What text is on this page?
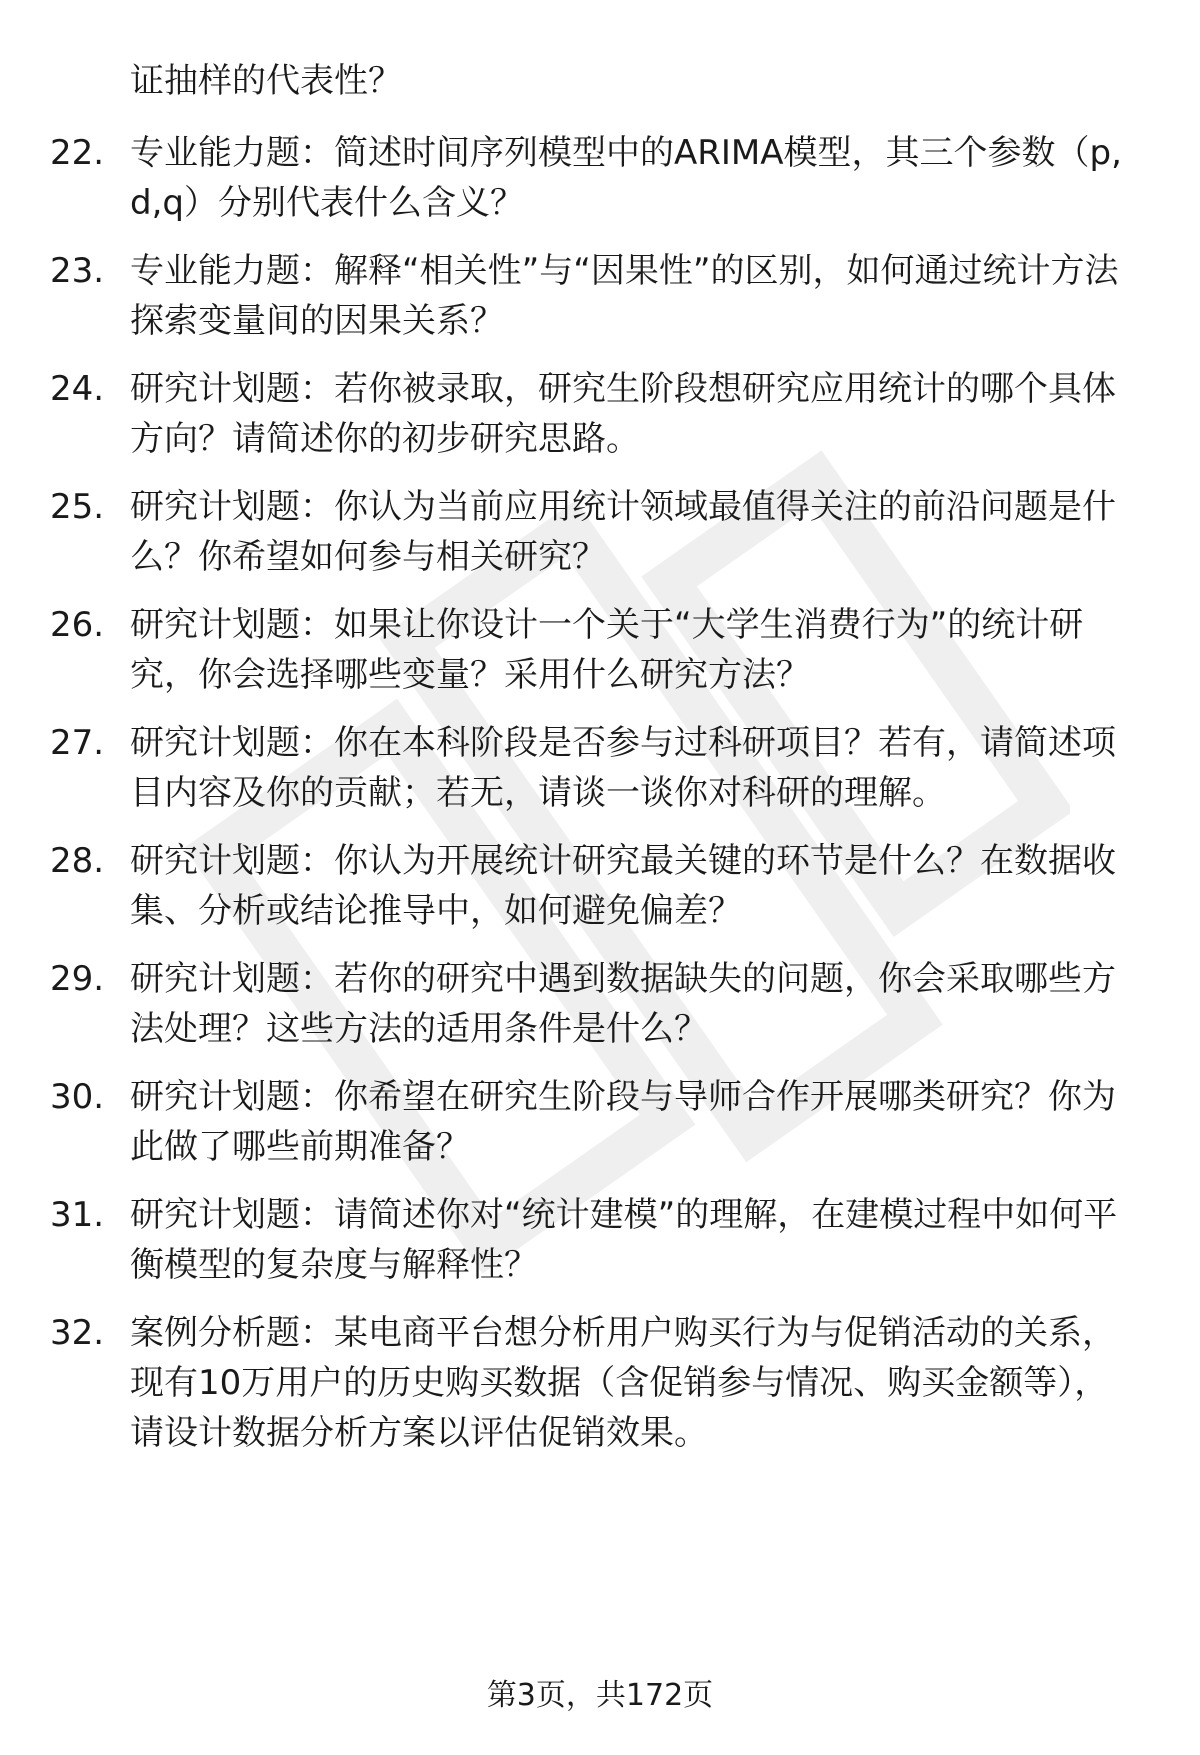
证抽样的代表性？

22. 专业能力题：简述时间序列模型中的ARIMA模型，其三个参数（p,d,q）分别代表什么含义？

23. 专业能力题：解释“相关性”与“因果性”的区别，如何通过统计方法探索变量间的因果关系？

24. 研究计划题：若你被录取，研究生阶段想研究应用统计的哪个具体方向？请简述你的初步研究思路。

25. 研究计划题：你认为当前应用统计领域最值得关注的前沿问题是什么？你希望如何参与相关研究？

26. 研究计划题：如果让你设计一个关于“大学生消费行为”的统计研究，你会选择哪些变量？采用什么研究方法？

27. 研究计划题：你在本科阶段是否参与过科研项目？若有，请简述项目内容及你的贡献；若无，请谈一谈你对科研的理解。

28. 研究计划题：你认为开展统计研究最关键的环节是什么？在数据收集、分析或结论推导中，如何避免偏差？

29. 研究计划题：若你的研究中遇到数据缺失的问题，你会采取哪些方法处理？这些方法的适用条件是什么？

30. 研究计划题：你希望在研究生阶段与导师合作开展哪类研究？你为此做了哪些前期准备？

31. 研究计划题：请简述你对“统计建模”的理解，在建模过程中如何平衡模型的复杂度与解释性？

32. 案例分析题：某电商平台想分析用户购买行为与促销活动的关系，现有10万用户的历史购买数据（含促销参与情况、购买金额等），请设计数据分析方案以评估促销效果。

第3页，共172页
